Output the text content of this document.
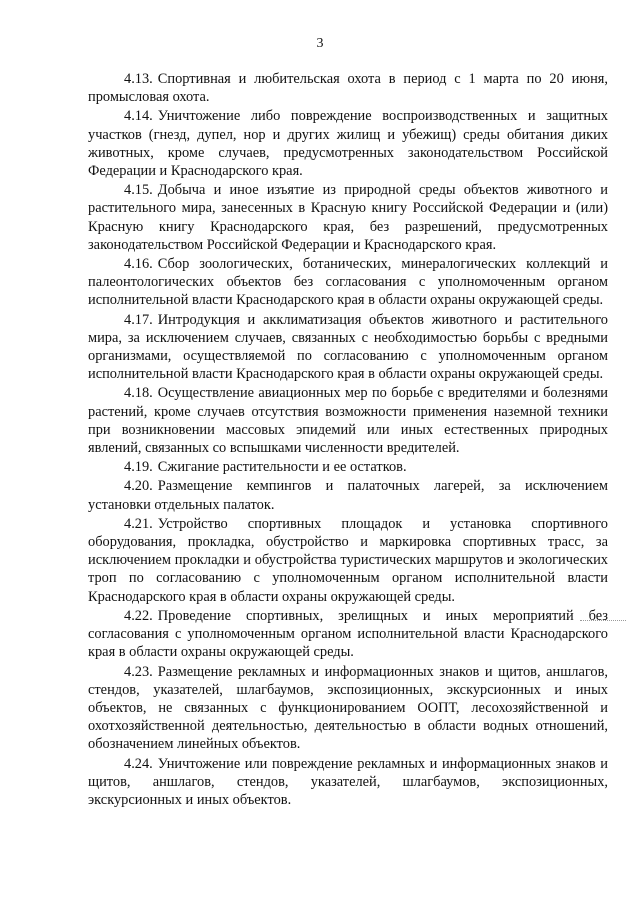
3

4.13. Спортивная и любительская охота в период с 1 марта по 20 июня, промысловая охота.

4.14. Уничтожение либо повреждение воспроизводственных и защитных участков (гнезд, дупел, нор и других жилищ и убежищ) среды обитания диких животных, кроме случаев, предусмотренных законодательством Российской Федерации и Краснодарского края.

4.15. Добыча и иное изъятие из природной среды объектов животного и растительного мира, занесенных в Красную книгу Российской Федерации и (или) Красную книгу Краснодарского края, без разрешений, предусмотренных законодательством Российской Федерации и Краснодарского края.

4.16. Сбор зоологических, ботанических, минералогических коллекций и палеонтологических объектов без согласования с уполномоченным органом исполнительной власти Краснодарского края в области охраны окружающей среды.

4.17. Интродукция и акклиматизация объектов животного и растительного мира, за исключением случаев, связанных с необходимостью борьбы с вредными организмами, осуществляемой по согласованию с уполномоченным органом исполнительной власти Краснодарского края в области охраны окружающей среды.

4.18. Осуществление авиационных мер по борьбе с вредителями и болезнями растений, кроме случаев отсутствия возможности применения наземной техники при возникновении массовых эпидемий или иных естественных природных явлений, связанных со вспышками численности вредителей.

4.19. Сжигание растительности и ее остатков.

4.20. Размещение кемпингов и палаточных лагерей, за исключением установки отдельных палаток.

4.21. Устройство спортивных площадок и установка спортивного оборудования, прокладка, обустройство и маркировка спортивных трасс, за исключением прокладки и обустройства туристических маршрутов и экологических троп по согласованию с уполномоченным органом исполнительной власти Краснодарского края в области охраны окружающей среды.

4.22. Проведение спортивных, зрелищных и иных мероприятий без согласования с уполномоченным органом исполнительной власти Краснодарского края в области охраны окружающей среды.

4.23. Размещение рекламных и информационных знаков и щитов, аншлагов, стендов, указателей, шлагбаумов, экспозиционных, экскурсионных и иных объектов, не связанных с функционированием ООПТ, лесохозяйственной и охотхозяйственной деятельностью, деятельностью в области водных отношений, обозначением линейных объектов.

4.24. Уничтожение или повреждение рекламных и информационных знаков и щитов, аншлагов, стендов, указателей, шлагбаумов, экспозиционных, экскурсионных и иных объектов.
